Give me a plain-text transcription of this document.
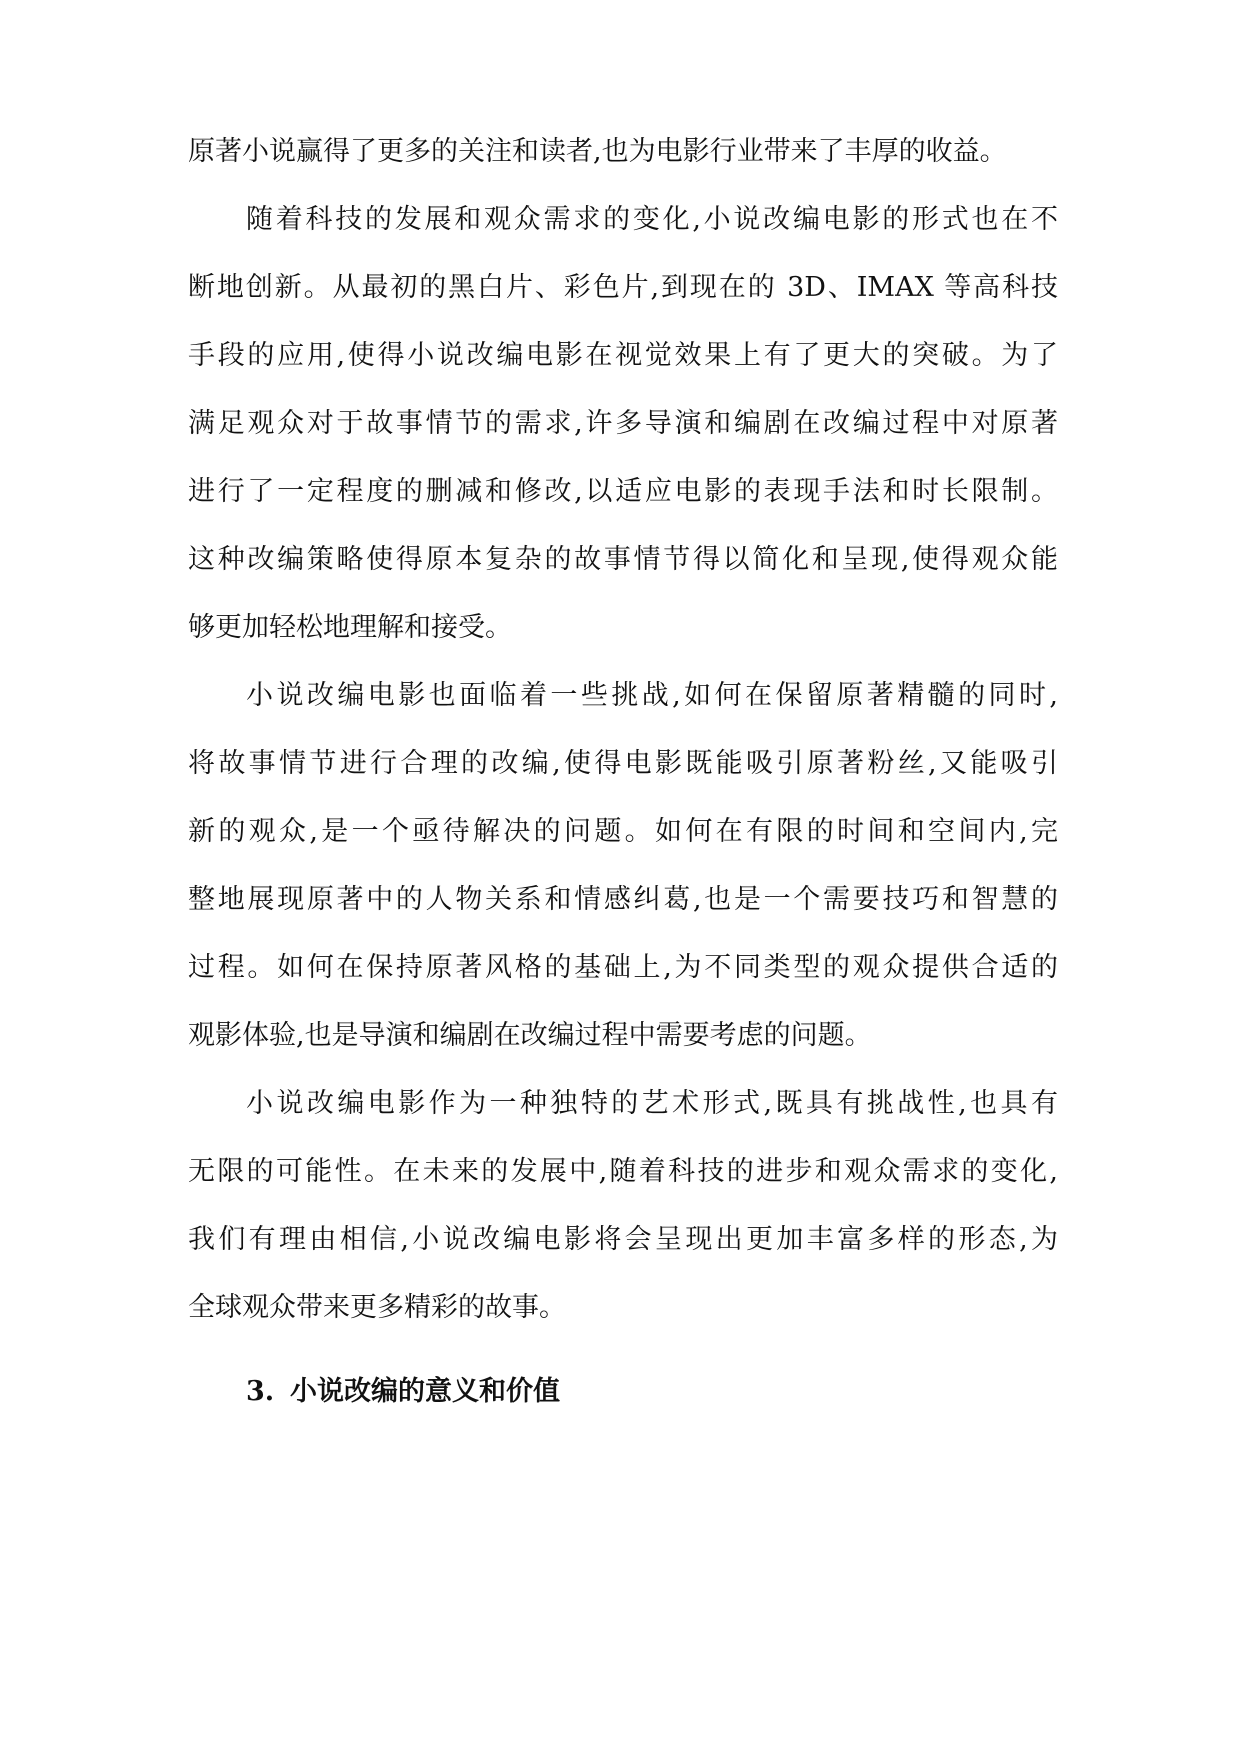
原著小说赢得了更多的关注和读者,也为电影行业带来了丰厚的收益。
随着科技的发展和观众需求的变化,小说改编电影的形式也在不
断地创新。从最初的黑白片、彩色片,到现在的 3D、IMAX 等高科技
手段的应用,使得小说改编电影在视觉效果上有了更大的突破。为了
满足观众对于故事情节的需求,许多导演和编剧在改编过程中对原著
进行了一定程度的删减和修改,以适应电影的表现手法和时长限制。
这种改编策略使得原本复杂的故事情节得以简化和呈现,使得观众能
够更加轻松地理解和接受。
小说改编电影也面临着一些挑战,如何在保留原著精髓的同时,
将故事情节进行合理的改编,使得电影既能吸引原著粉丝,又能吸引
新的观众,是一个亟待解决的问题。如何在有限的时间和空间内,完
整地展现原著中的人物关系和情感纠葛,也是一个需要技巧和智慧的
过程。如何在保持原著风格的基础上,为不同类型的观众提供合适的
观影体验,也是导演和编剧在改编过程中需要考虑的问题。
小说改编电影作为一种独特的艺术形式,既具有挑战性,也具有
无限的可能性。在未来的发展中,随着科技的进步和观众需求的变化,
我们有理由相信,小说改编电影将会呈现出更加丰富多样的形态,为
全球观众带来更多精彩的故事。
3. 小说改编的意义和价值
